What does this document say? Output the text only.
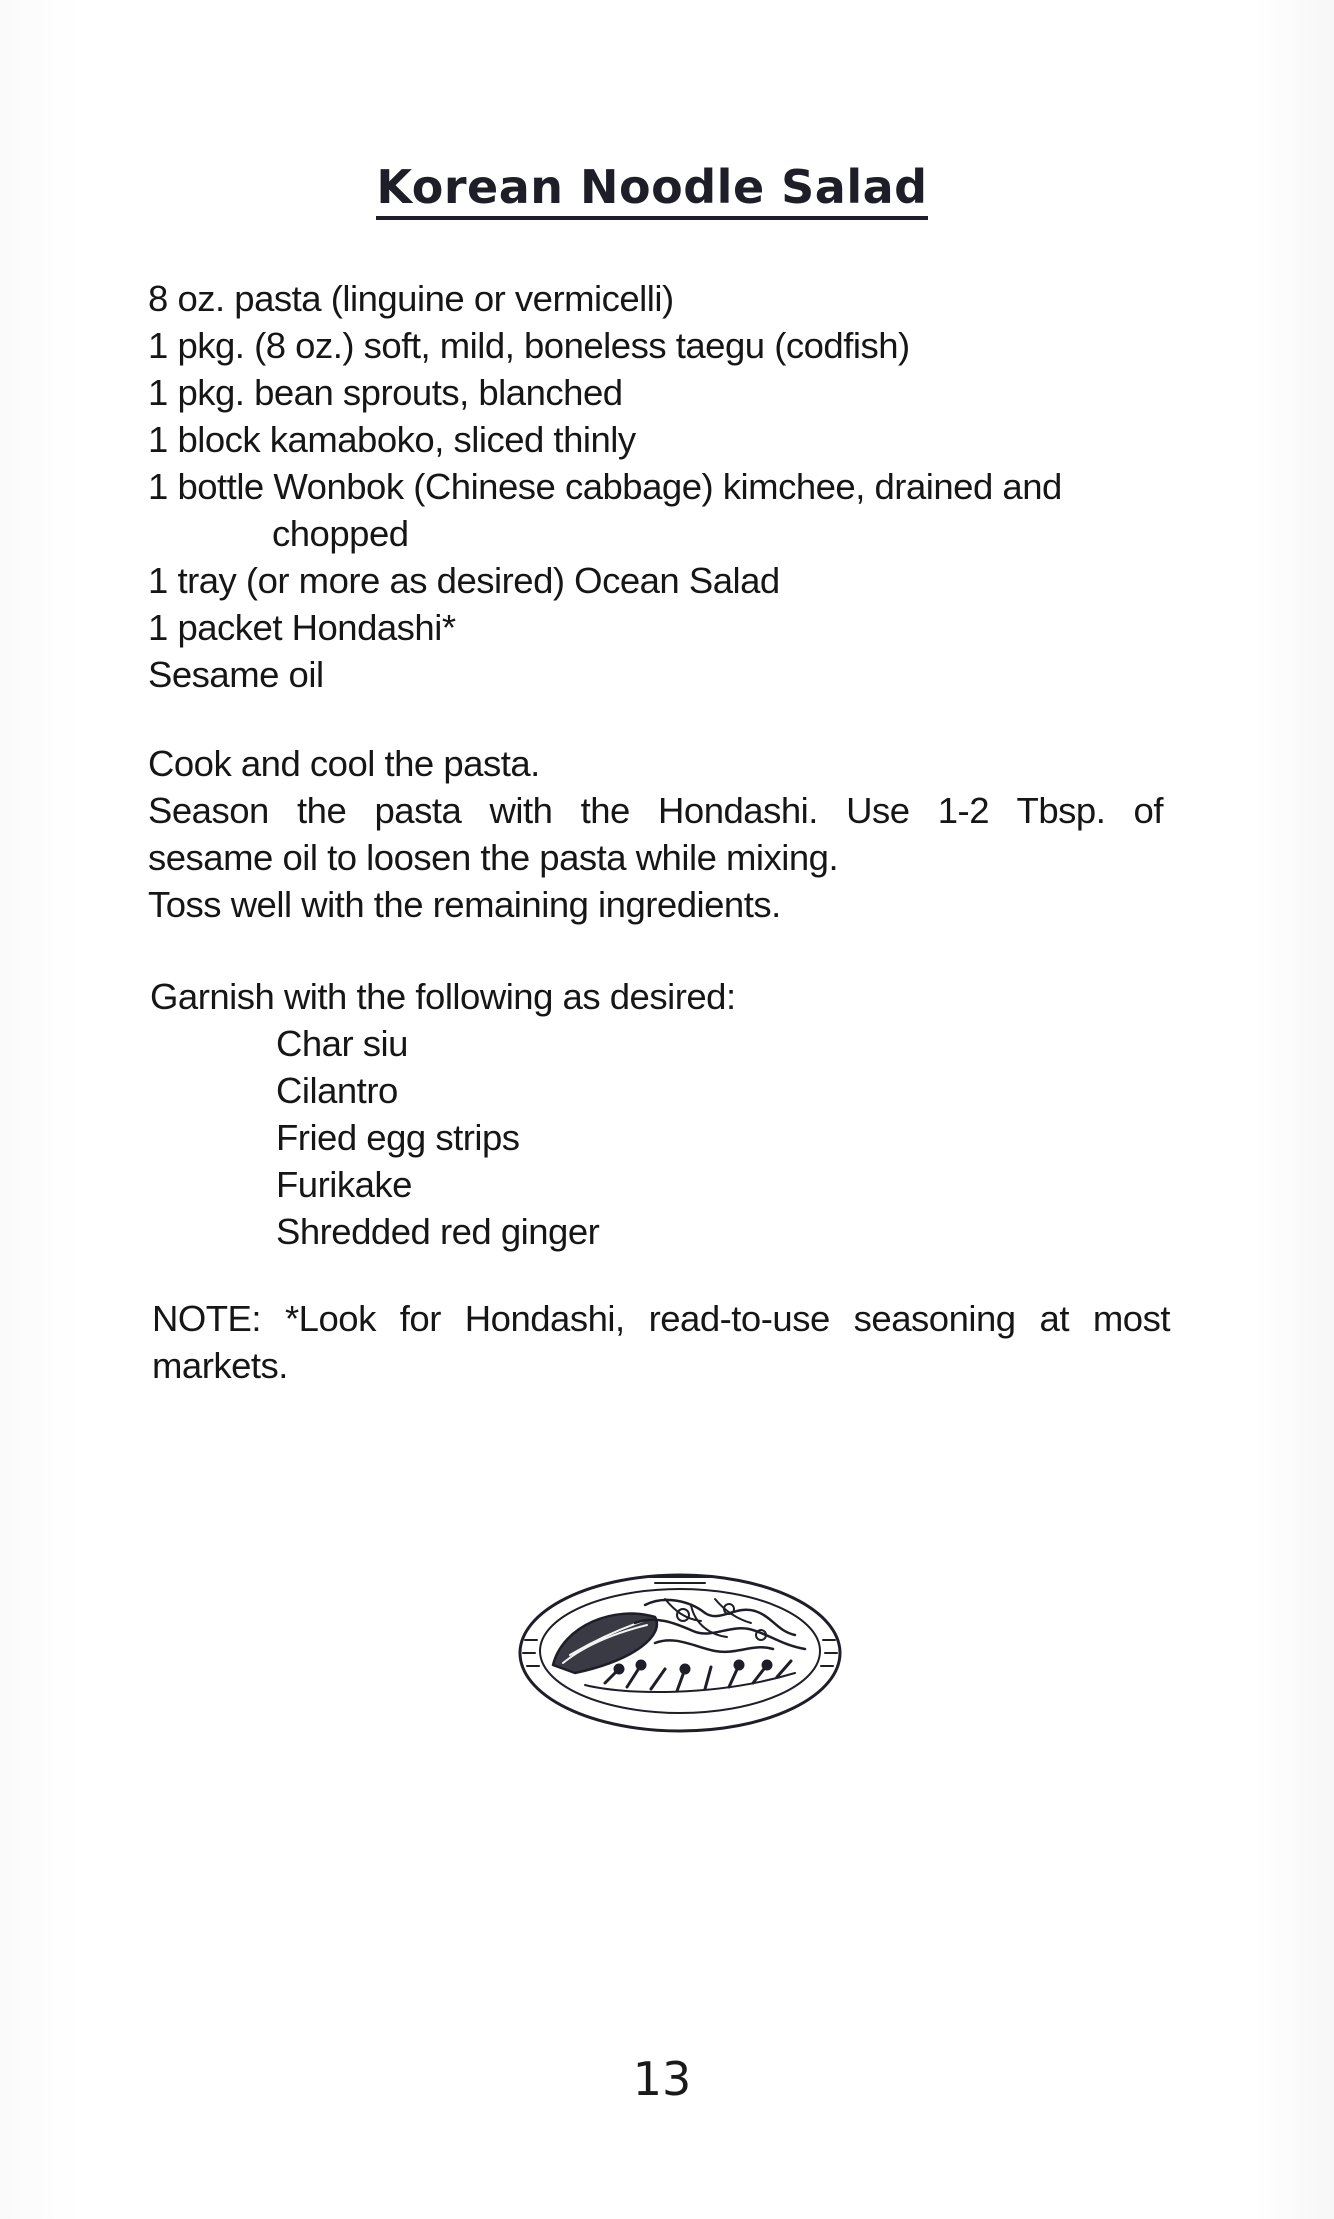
Korean Noodle Salad
8 oz. pasta (linguine or vermicelli)
1 pkg. (8 oz.) soft, mild, boneless taegu (codfish)
1 pkg. bean sprouts, blanched
1 block kamaboko, sliced thinly
1 bottle Wonbok (Chinese cabbage) kimchee, drained and
chopped
1 tray (or more as desired) Ocean Salad
1 packet Hondashi*
Sesame oil
Cook and cool the pasta.
Season the pasta with the Hondashi. Use 1-2 Tbsp. of
sesame oil to loosen the pasta while mixing.
Toss well with the remaining ingredients.
Garnish with the following as desired:
Char siu
Cilantro
Fried egg strips
Furikake
Shredded red ginger
NOTE: *Look for Hondashi, read-to-use seasoning at most
markets.
13
